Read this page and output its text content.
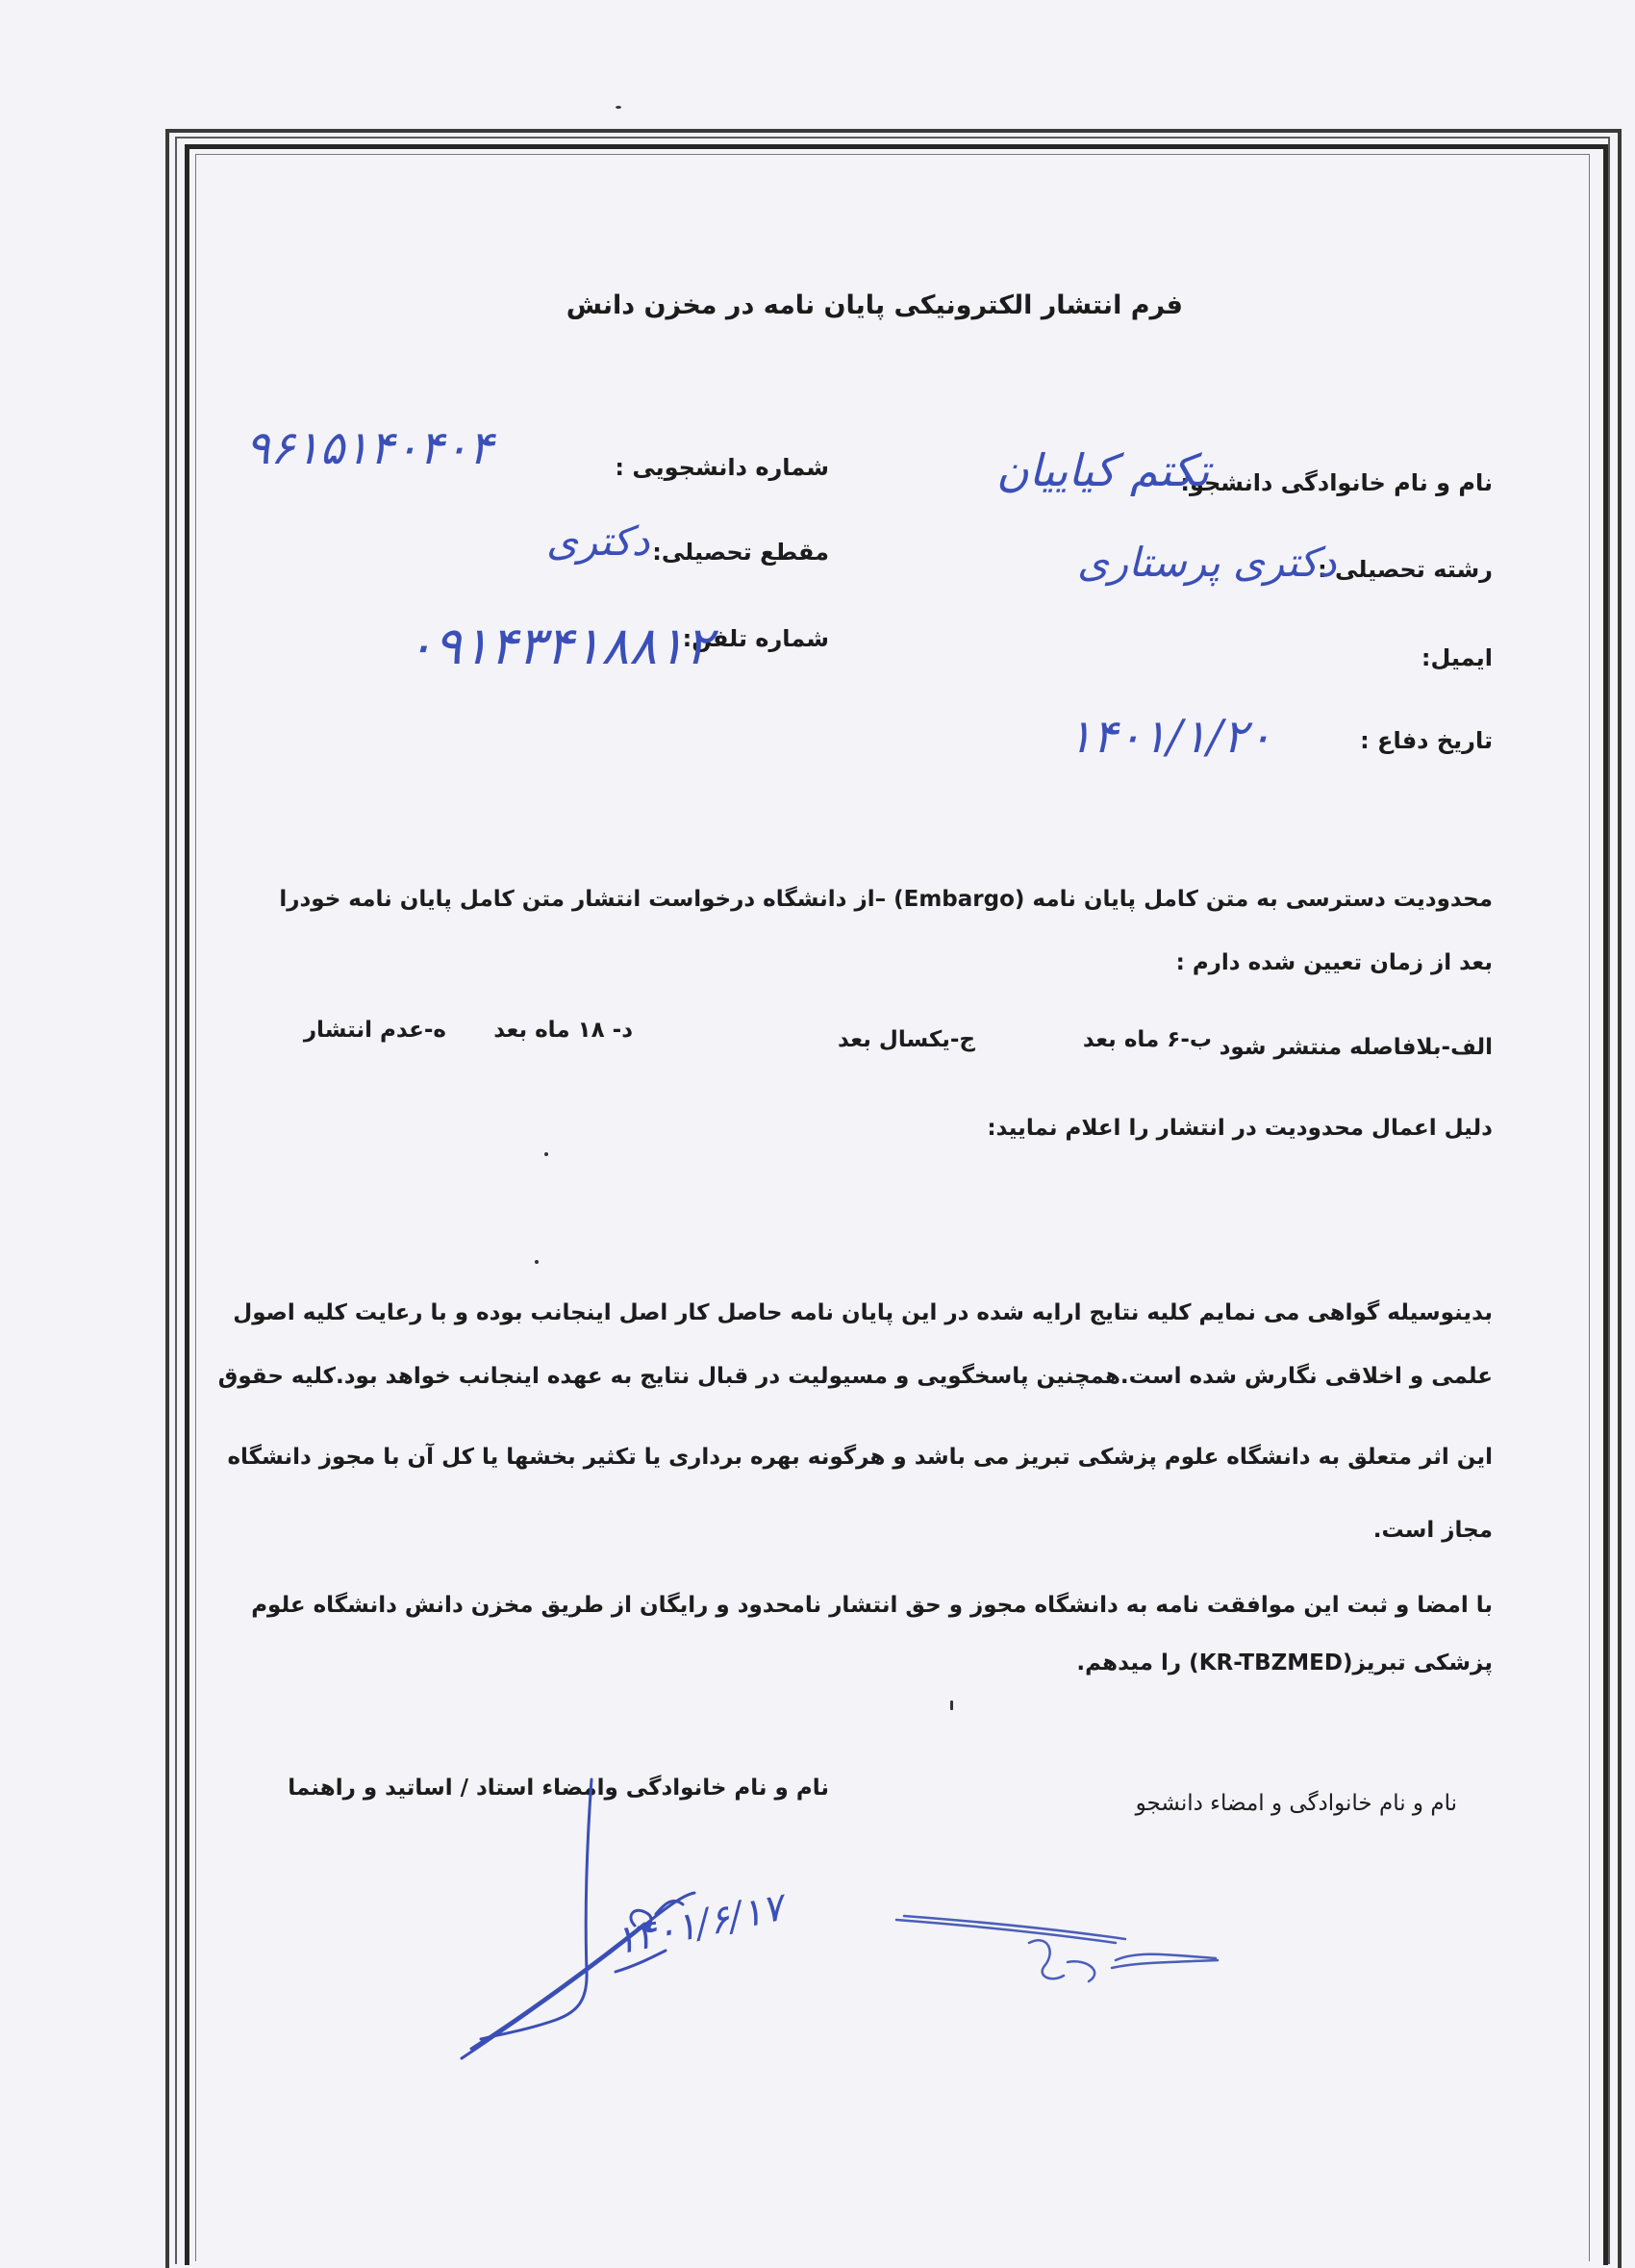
فرم انتشار الکترونیکی پایان نامه در مخزن دانش
نام و نام خانوادگی دانشجو:
تکتم کیاییان
رشته تحصیلی :
دکتری پرستاری
ایمیل:
تاریخ دفاع :
۱۴۰۱/۱/۲۰
شماره دانشجویی :
۹۶۱۵۱۴۰۴۰۴
مقطع تحصیلی:
دکتری
شماره تلفن:
۰۹۱۴۳۴۱۸۸۱۲
محدودیت دسترسی به متن کامل پایان نامه (Embargo) –از دانشگاه درخواست انتشار متن کامل پایان نامه خودرا
بعد از زمان تعیین شده دارم :
الف-بلافاصله منتشر شود
ب-۶ ماه بعد
ج-یکسال بعد
د- ۱۸ ماه بعد
ه-عدم انتشار
دلیل اعمال محدودیت در انتشار را اعلام نمایید:
بدینوسیله گواهی می نمایم کلیه نتایج ارایه شده در این پایان نامه حاصل کار اصل اینجانب بوده و با رعایت کلیه اصول
علمی و اخلاقی نگارش شده است.همچنین پاسخگویی و مسیولیت در قبال نتایج به عهده اینجانب خواهد بود.کلیه حقوق
این اثر متعلق به دانشگاه علوم پزشکی تبریز می باشد و هرگونه بهره برداری یا تکثیر بخشها یا کل آن با مجوز دانشگاه
مجاز است.
با امضا و ثبت این موافقت نامه به دانشگاه مجوز و حق انتشار نامحدود و رایگان از طریق مخزن دانش دانشگاه علوم
پزشکی تبریز(KR-TBZMED) را میدهم.
نام و نام خانوادگی وامضاء استاد / اساتید و راهنما
نام و نام خانوادگی و امضاء دانشجو
۱۴۰۱/۶/۱۷
